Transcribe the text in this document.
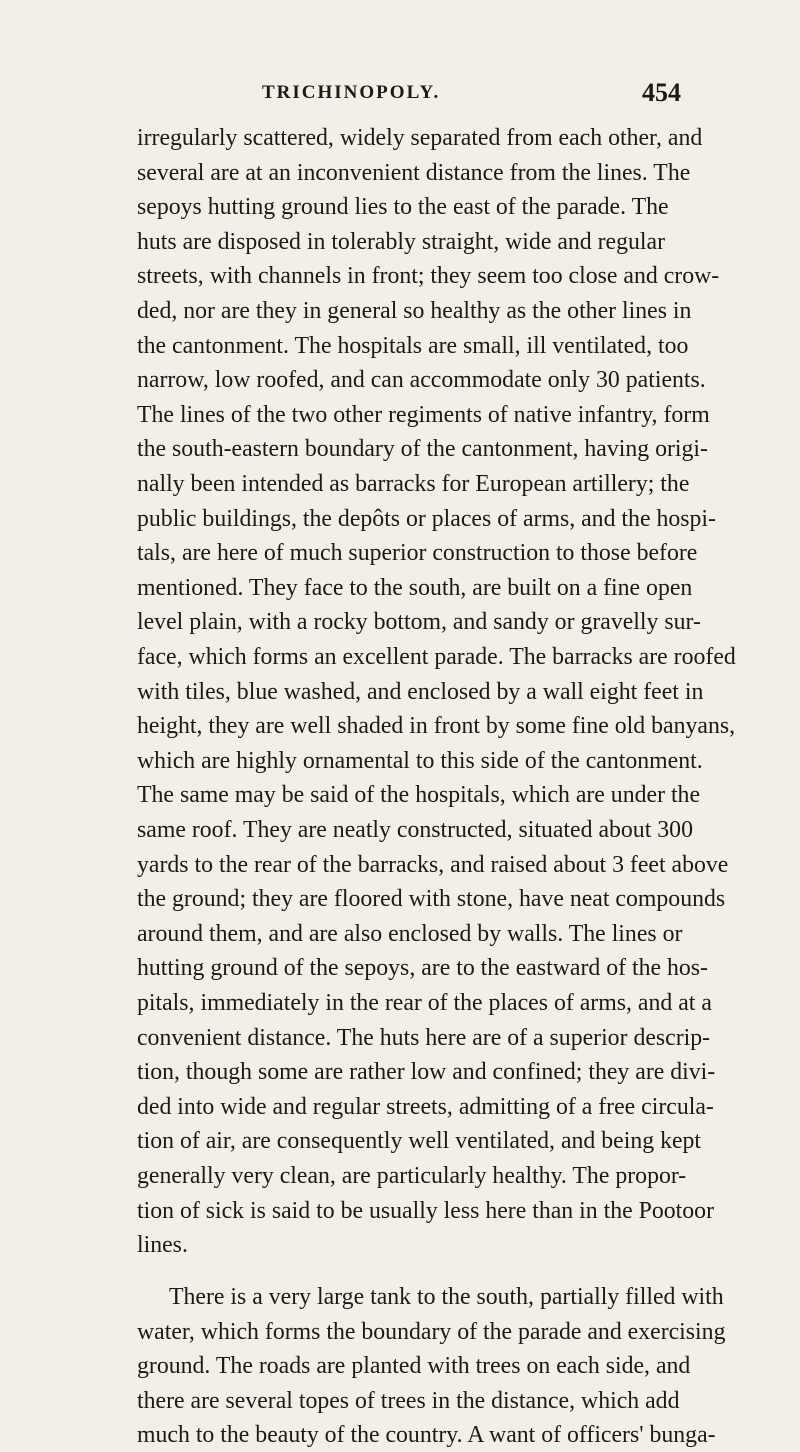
TRICHINOPOLY.	454
irregularly scattered, widely separated from each other, and
several are at an inconvenient distance from the lines. The
sepoys hutting ground lies to the east of the parade. The
huts are disposed in tolerably straight, wide and regular
streets, with channels in front; they seem too close and crow-
ded, nor are they in general so healthy as the other lines in
the cantonment. The hospitals are small, ill ventilated, too
narrow, low roofed, and can accommodate only 30 patients.
The lines of the two other regiments of native infantry, form
the south-eastern boundary of the cantonment, having origi-
nally been intended as barracks for European artillery; the
public buildings, the depôts or places of arms, and the hospi-
tals, are here of much superior construction to those before
mentioned. They face to the south, are built on a fine open
level plain, with a rocky bottom, and sandy or gravelly sur-
face, which forms an excellent parade. The barracks are roofed
with tiles, blue washed, and enclosed by a wall eight feet in
height, they are well shaded in front by some fine old banyans,
which are highly ornamental to this side of the cantonment.
The same may be said of the hospitals, which are under the
same roof. They are neatly constructed, situated about 300
yards to the rear of the barracks, and raised about 3 feet above
the ground; they are floored with stone, have neat compounds
around them, and are also enclosed by walls. The lines or
hutting ground of the sepoys, are to the eastward of the hos-
pitals, immediately in the rear of the places of arms, and at a
convenient distance. The huts here are of a superior descrip-
tion, though some are rather low and confined; they are divi-
ded into wide and regular streets, admitting of a free circula-
tion of air, are consequently well ventilated, and being kept
generally very clean, are particularly healthy. The propor-
tion of sick is said to be usually less here than in the Pootoor
lines.
There is a very large tank to the south, partially filled with
water, which forms the boundary of the parade and exercising
ground. The roads are planted with trees on each side, and
there are several topes of trees in the distance, which add
much to the beauty of the country. A want of officers' bunga-
